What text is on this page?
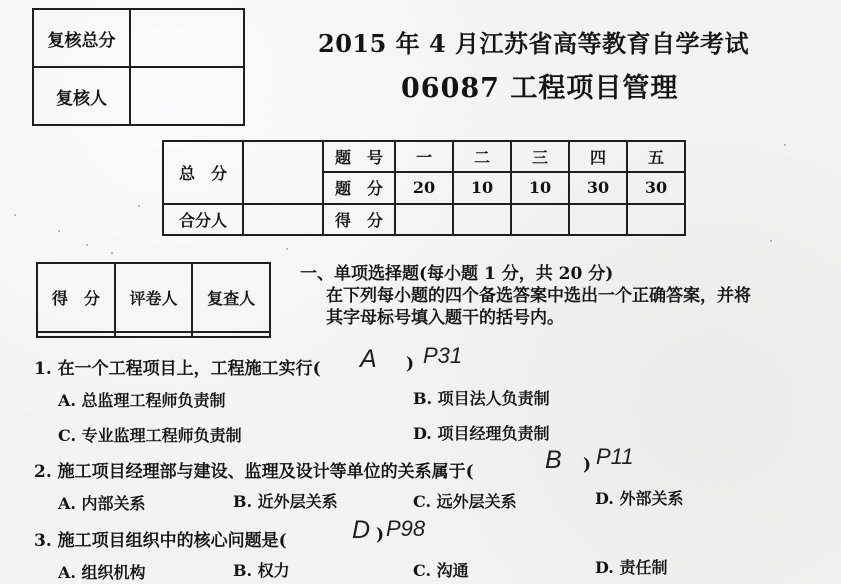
复核总分	
复核人	
2015 年 4 月江苏省高等教育自学考试
06087 工程项目管理
总　分		题　号	一	二	三	四	五
		题　分	20	10	10	30	30
合分人		得　分					
得　分	评卷人	复查人

一、单项选择题(每小题 1 分，共 20 分)
在下列每小题的四个备选答案中选出一个正确答案，并将
其字母标号填入题干的括号内。
1. 在一个工程项目上，工程施工实行( A ) P31
A. 总监理工程师负责制	B. 项目法人负责制
C. 专业监理工程师负责制	D. 项目经理负责制
2. 施工项目经理部与建设、监理及设计等单位的关系属于(	B ) P11
A. 内部关系	B. 近外层关系	C. 远外层关系	D. 外部关系
3. 施工项目组织中的核心问题是(	D ) P98
A. 组织机构	B. 权力	C. 沟通	D. 责任制
